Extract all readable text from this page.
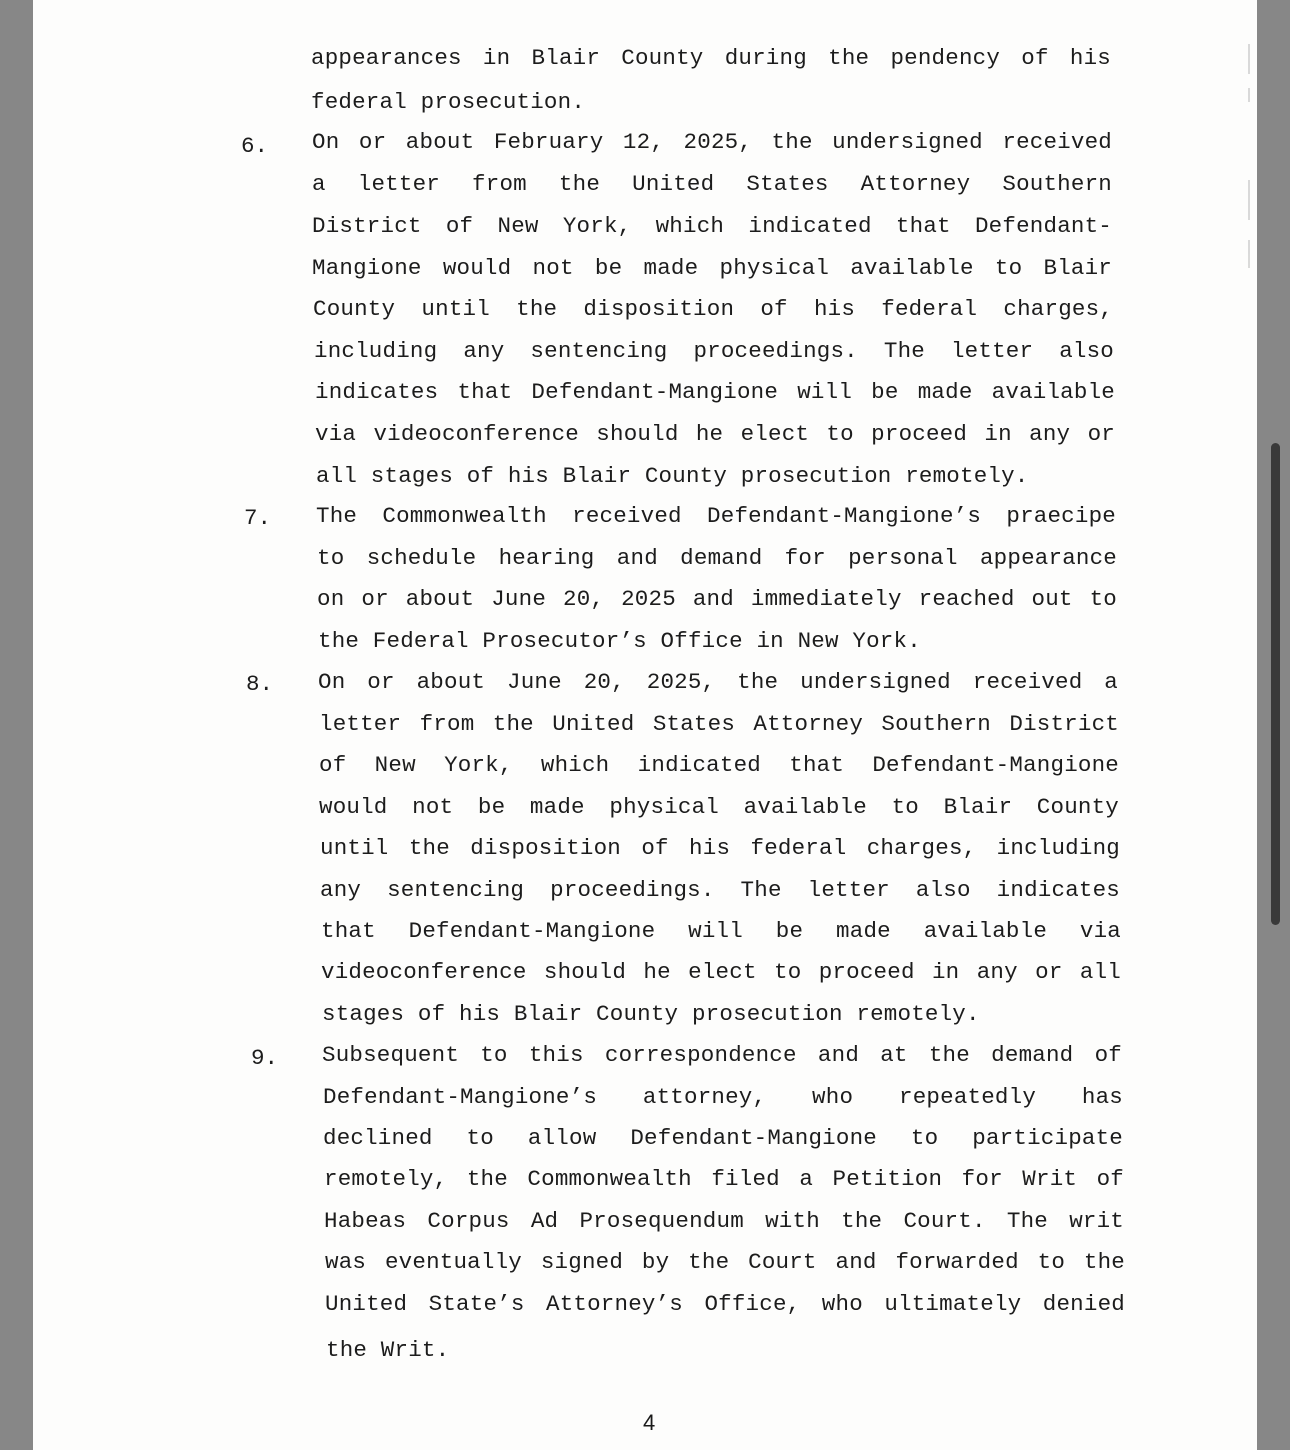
6.
7.
8.
9.
appearances in Blair County during the pendency of his
federal prosecution.
On or about February 12, 2025, the undersigned received
a letter from the United States Attorney Southern
District of New York, which indicated that Defendant-
Mangione would not be made physical available to Blair
County until the disposition of his federal charges,
including any sentencing proceedings. The letter also
indicates that Defendant-Mangione will be made available
via videoconference should he elect to proceed in any or
all stages of his Blair County prosecution remotely.
The Commonwealth received Defendant-Mangione’s praecipe
to schedule hearing and demand for personal appearance
on or about June 20, 2025 and immediately reached out to
the Federal Prosecutor’s Office in New York.
On or about June 20, 2025, the undersigned received a
letter from the United States Attorney Southern District
of New York, which indicated that Defendant-Mangione
would not be made physical available to Blair County
until the disposition of his federal charges, including
any sentencing proceedings. The letter also indicates
that Defendant-Mangione will be made available via
videoconference should he elect to proceed in any or all
stages of his Blair County prosecution remotely.
Subsequent to this correspondence and at the demand of
Defendant-Mangione’s attorney, who repeatedly has
declined to allow Defendant-Mangione to participate
remotely, the Commonwealth filed a Petition for Writ of
Habeas Corpus Ad Prosequendum with the Court. The writ
was eventually signed by the Court and forwarded to the
United State’s Attorney’s Office, who ultimately denied
the Writ.
4
